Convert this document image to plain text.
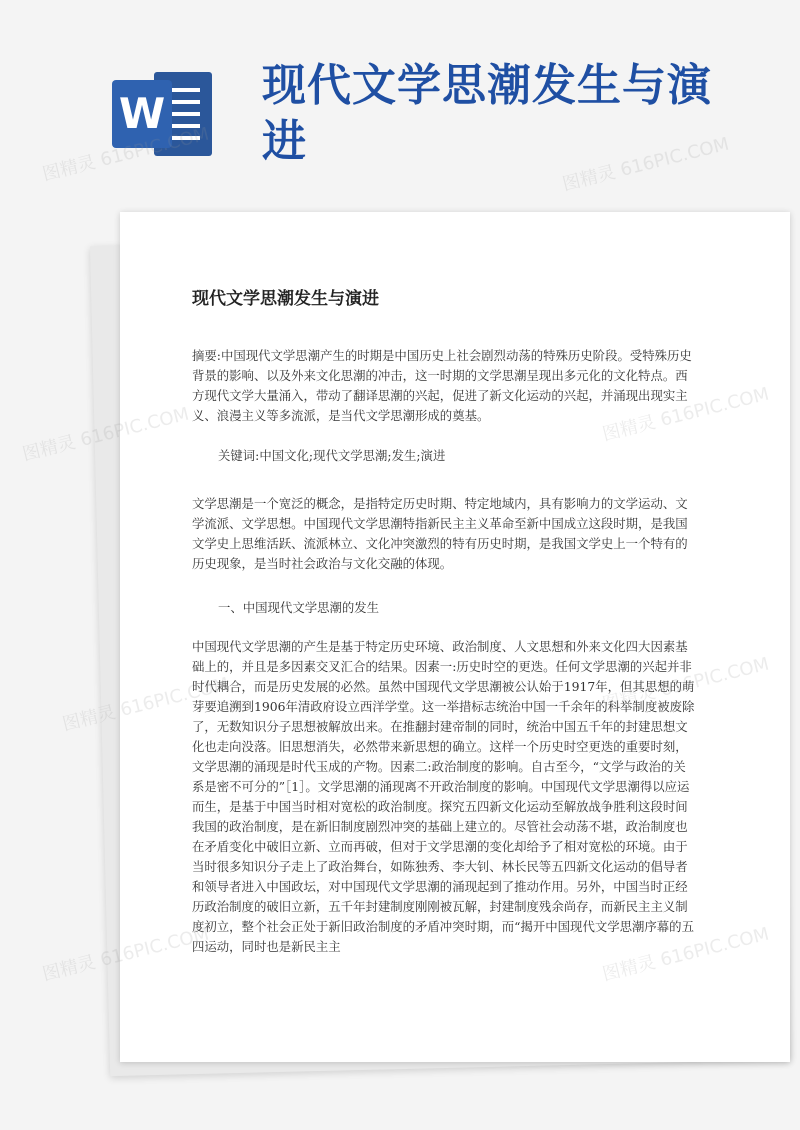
W
现代文学思潮发生与演进
现代文学思潮发生与演进
摘要:中国现代文学思潮产生的时期是中国历史上社会剧烈动荡的特殊历史阶段。受特殊历史背景的影响、以及外来文化思潮的冲击，这一时期的文学思潮呈现出多元化的文化特点。西方现代文学大量涌入，带动了翻译思潮的兴起，促进了新文化运动的兴起，并涌现出现实主义、浪漫主义等多流派，是当代文学思潮形成的奠基。
关键词:中国文化;现代文学思潮;发生;演进
文学思潮是一个宽泛的概念，是指特定历史时期、特定地域内，具有影响力的文学运动、文学流派、文学思想。中国现代文学思潮特指新民主主义革命至新中国成立这段时期，是我国文学史上思维活跃、流派林立、文化冲突激烈的特有历史时期，是我国文学史上一个特有的历史现象，是当时社会政治与文化交融的体现。
一、中国现代文学思潮的发生
中国现代文学思潮的产生是基于特定历史环境、政治制度、人文思想和外来文化四大因素基础上的，并且是多因素交叉汇合的结果。因素一:历史时空的更迭。任何文学思潮的兴起并非时代耦合，而是历史发展的必然。虽然中国现代文学思潮被公认始于1917年，但其思想的萌芽要追溯到1906年清政府设立西洋学堂。这一举措标志统治中国一千余年的科举制度被废除了，无数知识分子思想被解放出来。在推翻封建帝制的同时，统治中国五千年的封建思想文化也走向没落。旧思想消失，必然带来新思想的确立。这样一个历史时空更迭的重要时刻，文学思潮的涌现是时代玉成的产物。因素二:政治制度的影响。自古至今，“文学与政治的关系是密不可分的”［1］。文学思潮的涌现离不开政治制度的影响。中国现代文学思潮得以应运而生，是基于中国当时相对宽松的政治制度。探究五四新文化运动至解放战争胜利这段时间我国的政治制度，是在新旧制度剧烈冲突的基础上建立的。尽管社会动荡不堪，政治制度也在矛盾变化中破旧立新、立而再破，但对于文学思潮的变化却给予了相对宽松的环境。由于当时很多知识分子走上了政治舞台，如陈独秀、李大钊、林长民等五四新文化运动的倡导者和领导者进入中国政坛，对中国现代文学思潮的涌现起到了推动作用。另外，中国当时正经历政治制度的破旧立新，五千年封建制度刚刚被瓦解，封建制度残余尚存，而新民主主义制度初立，整个社会正处于新旧政治制度的矛盾冲突时期，而“揭开中国现代文学思潮序幕的五四运动，同时也是新民主主
图精灵 616PIC.COM	图精灵 616PIC.COM
图精灵
图精灵
图精灵
